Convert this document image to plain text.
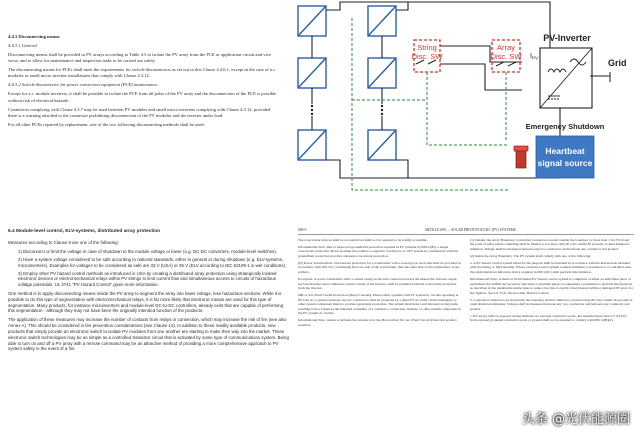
4.4.3 Disconnecting means

4.4.3.1 General

Disconnecting means shall be provided in PV arrays according to Table 4.3 to isolate the PV array from the PCE or application circuit and vice versa, and to allow for maintenance and inspection tasks to be carried out safely.

The disconnecting means for PCEs shall meet the requirements for switch-disconnectors as set out in this Clause 4.4.6.1, except in the case of a.c. modules or small micro inverter installations that comply with Clause 4.3.12.

4.4.3.2 Switch-disconnector for power conversion equipment (PCE) maintenance

Except for a.c. module inverters, it shall be possible to isolate the PCE from all poles of the PV array and the disconnection of the PCE is possible without risk of electrical hazards.

Connectors complying with Clause 4.3.7 may be used between PV modules and small micro inverters complying with Clause 4.3.12, provided there is a warning attached to the connector prohibiting disconnection of the PV modules and the inverter under load.

For all other PCEs repaired by replacement, one of the two following disconnecting methods shall be used:

String
Disc. SW
Array
Disc. SW $I_{PV}$
PV-Inverter
Grid
Emergency Shutdown
Heartbeat
signal source
6.4 Module-level control, ELV-systems, distributed array protection

Measures according to Clause 6 are one of the following:

1) Disconnect or limit the voltage in case of shutdown to the module voltage or lower (e.g. DC-DC converters, module-level switches).
2) Have a system voltage considered to be safe according to national standards, either in general or during shutdown (e.g. ELV-systems, microinverters). Examples for voltages to be considered as safe are 33 V (USA) or 35 V (ELV according to IEC 62109-1 in wet conditions).
3) Employ other PV hazard control methods as introduced in USA by creating a distributed array protection using strategically located electronic devices or electromechanical relays within PV strings to limit current flow and simultaneous access to circuits of hazardous voltage potentials. UL 3741 "PV Hazard Control" gives more information.

One method is to apply disconnecting means inside the PV array to segment the array into lower voltage, less hazardous sections. While it is possible to do this type of segmentation with electromechanical relays, it is far more likely that electronic means are used for this type of segmentation. Many products, for instance microinverters and module-level DC-to-DC controllers, already exist that are capable of performing this segmentation - although they may not have been the originally intended function of the products.

The application of these measures may increase the number of contacts from relays or connection, which may increase the risk of fire (see also Annex A). This should be considered in fire prevention considerations (see Clause 10). In addition to these readily available products, new products that simply provide an electronic switch to isolate PV modules from one another are starting to make their way into the market. These electronic switch technologies may be as simple as a controlled transistor circuit that is activated by some type of communications system. Being able to turn on and off a PV array with a remote command may be an attractive method of providing a more comprehensive approach to PV system safety in the event of a fire

690-9	ARTICLE 690 — SOLAR PHOTOVOLTAIC (PV) SYSTEMS

The overcurrent devices shall be accessible but shall not be required to be readily accessible.

Informational Note: Due to improved groundfault protection required in PV systems by 690.41(B), a single overcurrent protective device in either the positive or negative conductors of a PV system in combination with this groundfault protection provides adequate overcurrent protection.

(D) Power Transformers. Overcurrent protection for a transformer with a source(s) on each side shall be provided in accordance with 450.3 by considering first one side of the transformer, then the other side of the transformer, as the primary.

Exception: A power transformer with a current rating on the side connected toward the interactive inverter output, not less than the rated continuous output current of the inverter, shall be permitted without overcurrent protection from the inverter.

690.11 Arc-Fault Circuit Protection (Direct Current). Photovoltaic systems with PV system dc circuits operating at 80 volts dc or greater between any two conductors shall be protected by a listed PV arc-fault circuit interrupter or other system component listed to provide equivalent protection. The system shall detect and interrupt arcing faults resulting from a failure in the intended continuity of a conductor, connection, module, or other system component in the PV system dc circuits.

Informational Note: Annex A includes the reference for the Photovoltaic DC Arc-Fault Circuit Protection product standard.

(1) Outside the Array Boundary. Controlled conductors located outside the boundary or more than 1 m (3 ft) from the point of entry inside a building shall be limited to not more than 30 volts within 30 seconds of rapid shutdown initiation. Voltage shall be measured between any two conductors and between any conductor and ground.

(2) Inside the Array Boundary. The PV system shall comply with one of the following:

a. A PV hazard control system listed for the purpose shall be installed in accordance with the instructions included with the listing or field labeling. Where a hazard control system requires initiation to transition to a controlled state, the rapid shutdown initiation device required in 690.12(C) shall perform this initiation.

Informational Note: A listed or field labeled PV hazard control system is comprised of either an individual piece of equipment that fulfills the necessary functions or multiple pieces of equipment coordinated to perform the functions as described in the installation instructions to reduce the risk of electric shock hazard within a damaged PV array for fire fighters. See UL 3741, Photovoltaic Hazard Control.

b. Controlled conductors located inside the boundary shall be limited to not more than 80 volts within 30 seconds of rapid shutdown initiation. Voltage shall be measured between any two conductors and between any conductor and ground.

c. PV arrays with no exposed wiring methods, no exposed conductive parts, and installed more than 2.5 m (8 ft) from exposed grounded conductive parts or ground shall not be required to comply with 690.12(B)(2).

头条 @光伏能源圈
